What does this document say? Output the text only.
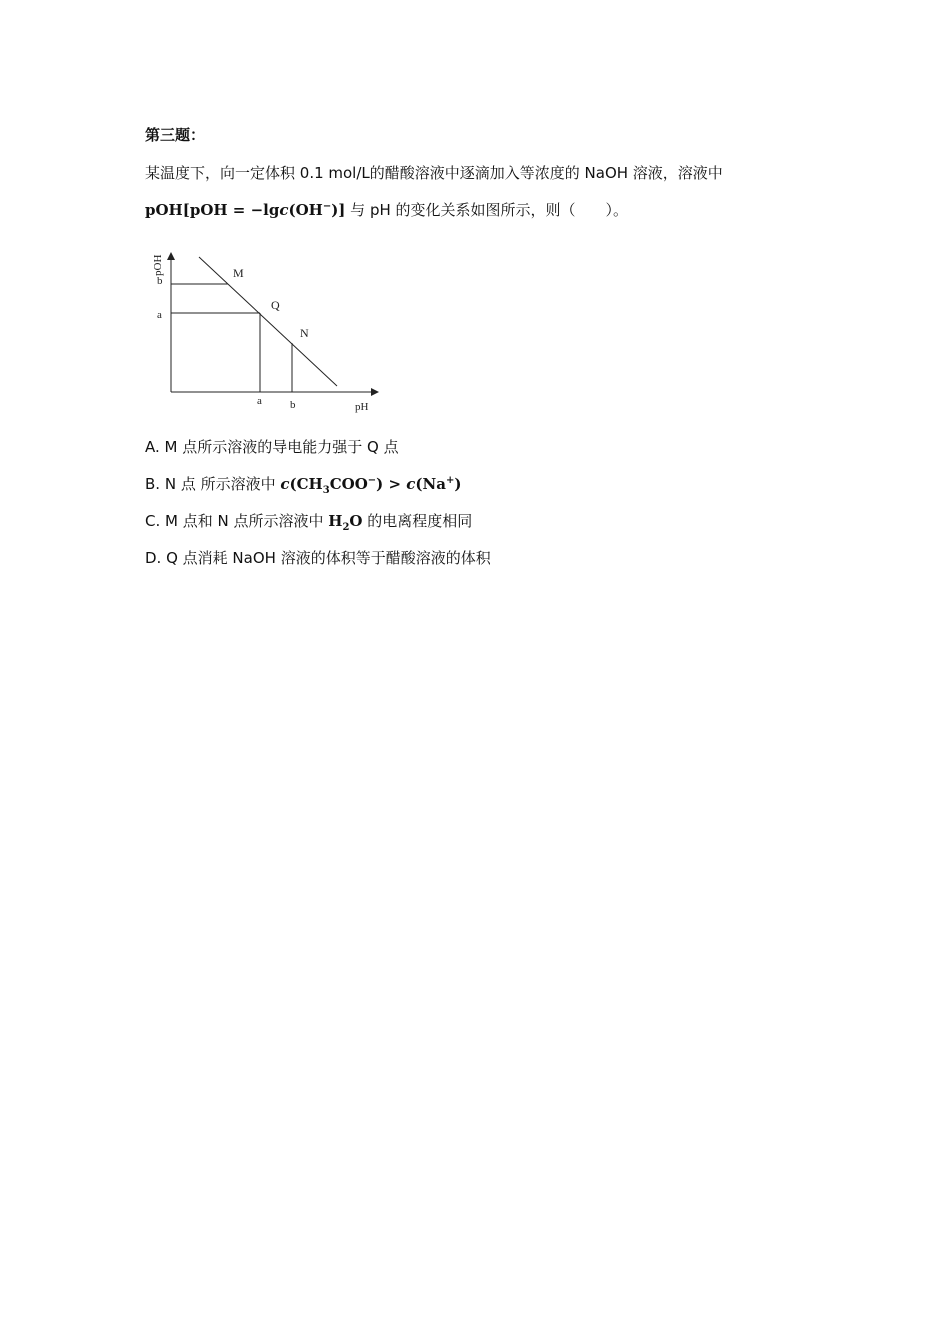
第三题：
某温度下，向一定体积 0.1 mol/L的醋酸溶液中逐滴加入等浓度的 NaOH 溶液，溶液中
pOH[pOH = −lgc(OH−)] 与 pH 的变化关系如图所示，则（　　）。
pOH
b
a
a	b	pH
M
Q
N
A. M 点所示溶液的导电能力强于 Q 点
B. N 点 所示溶液中 $c(CH_3COO^-) > c(Na^+)$
C. M 点和 N 点所示溶液中 $H_2O$ 的电离程度相同
D. Q 点消耗 NaOH 溶液的体积等于醋酸溶液的体积
